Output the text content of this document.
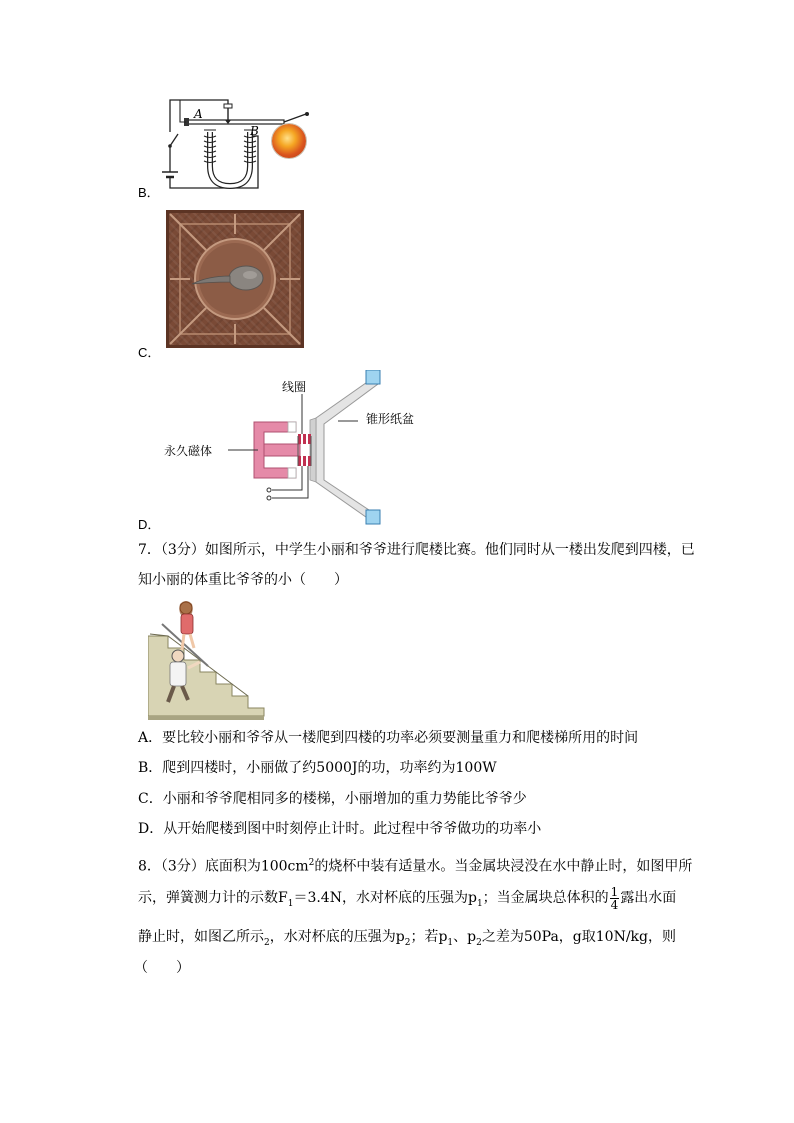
A
B
B．
C．
线圈
锥形纸盆
永久磁体
D．
7．（3分）如图所示，中学生小丽和爷爷进行爬楼比赛。他们同时从一楼出发爬到四楼，已
知小丽的体重比爷爷的小（　　）
A．要比较小丽和爷爷从一楼爬到四楼的功率必须要测量重力和爬楼梯所用的时间
B．爬到四楼时，小丽做了约5000J的功，功率约为100W
C．小丽和爷爷爬相同多的楼梯，小丽增加的重力势能比爷爷少
D．从开始爬楼到图中时刻停止计时。此过程中爷爷做功的功率小
8．（3分）底面积为$100cm^2$的烧杯中装有适量水。当金属块浸没在水中静止时，如图甲所
示，弹簧测力计的示数$F_1=3.4N$，水对杯底的压强为$p_1$；当金属块总体积的 $\frac{1}{4}$ 露出水面
静止时，如图乙所示$_2$，水对杯底的压强为$p_2$；若$p_1$、$p_2$之差为50Pa，g取10N/kg，则
（　　）
